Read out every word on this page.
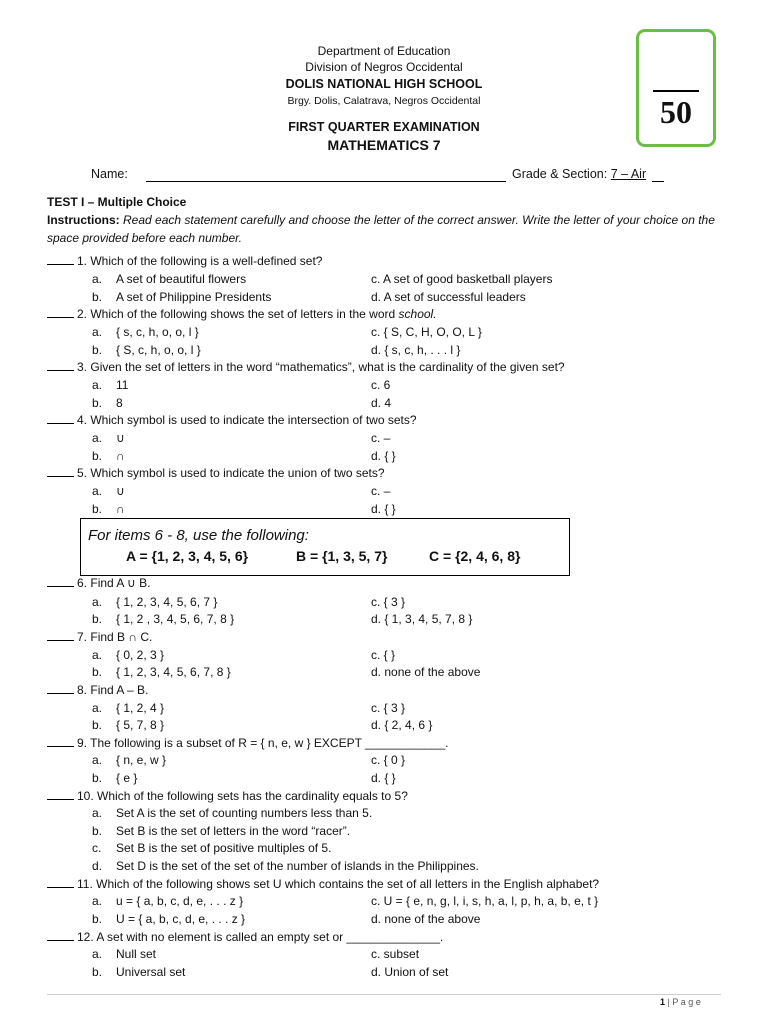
Department of Education
Division of Negros Occidental
DOLIS NATIONAL HIGH SCHOOL
Brgy. Dolis, Calatrava, Negros Occidental
FIRST QUARTER EXAMINATION
MATHEMATICS 7
50
Name:	Grade & Section: 7 – Air
TEST I – Multiple Choice
Instructions: Read each statement carefully and choose the letter of the correct answer. Write the letter of your choice on the space provided before each number.
1. Which of the following is a well-defined set?
a. A set of beautiful flowers	c. A set of good basketball players
b. A set of Philippine Presidents	d. A set of successful leaders
2. Which of the following shows the set of letters in the word school.
a. { s, c, h, o, o, l }	c. { S, C, H, O, O, L }
b. { S, c, h, o, o, l }	d. { s, c, h, . . . l }
3. Given the set of letters in the word “mathematics”, what is the cardinality of the given set?
a. 11	c. 6
b. 8	d. 4
4. Which symbol is used to indicate the intersection of two sets?
a. ∪	c. –
b. ∩	d. { }
5. Which symbol is used to indicate the union of two sets?
a. ∪	c. –
b. ∩	d. { }
For items 6 - 8, use the following:
A = {1, 2, 3, 4, 5, 6}	B = {1, 3, 5, 7}	C = {2, 4, 6, 8}
6. Find A ∪ B.
a. { 1, 2, 3, 4, 5, 6, 7 }	c. { 3 }
b. { 1, 2 , 3, 4, 5, 6, 7, 8 }	d. { 1, 3, 4, 5, 7, 8 }
7. Find B ∩ C.
a. { 0, 2, 3 }	c. { }
b. { 1, 2, 3, 4, 5, 6, 7, 8 }	d. none of the above
8. Find A – B.
a. { 1, 2, 4 }	c. { 3 }
b. { 5, 7, 8 }	d. { 2, 4, 6 }
9. The following is a subset of R = { n, e, w } EXCEPT ____________.
a. { n, e, w }	c. { 0 }
b. { e }	d. { }
10. Which of the following sets has the cardinality equals to 5?
a. Set A is the set of counting numbers less than 5.
b. Set B is the set of letters in the word “racer”.
c. Set B is the set of positive multiples of 5.
d. Set D is the set of the set of the number of islands in the Philippines.
11. Which of the following shows set U which contains the set of all letters in the English alphabet?
a. u = { a, b, c, d, e, . . . z }	c. U = { e, n, g, l, i, s, h, a, l, p, h, a, b, e, t }
b. U = { a, b, c, d, e, . . . z }	d. none of the above
12. A set with no element is called an empty set or ______________.
a. Null set	c. subset
b. Universal set	d. Union of set
1 | P a g e
